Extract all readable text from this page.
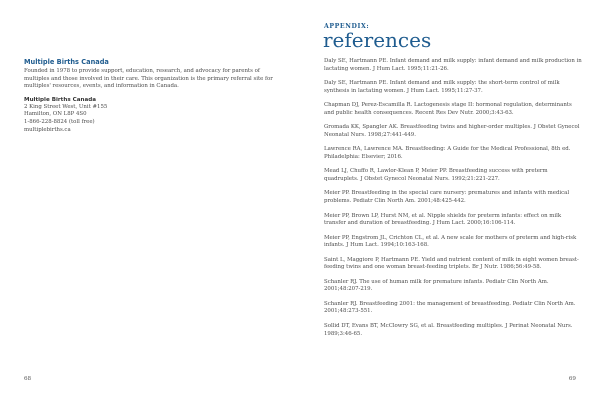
Multiple Births Canada

Founded in 1978 to provide support, education, research, and advocacy for parents of multiples and those involved in their care. This organization is the primary referral site for multiples' resources, events, and information in Canada.

Multiple Births Canada

2 King Street West, Unit #155

Hamilton, ON L8P 4S0

1-866-228-8824 (toll free)

multiplebirths.ca

68
APPENDIX:
references
Daly SE, Hartmann PE. Infant demand and milk supply: infant demand and milk production in lactating women. J Hum Lact. 1995;11:21-26.
Daly SE, Hartmann PE. Infant demand and milk supply: the short-term control of milk synthesis in lactating women. J Hum Lact. 1995;11:27-37.
Chapman DJ, Perez-Escamilla R. Lactogenesis stage II: hormonal regulation, determinants and public health consequences. Recent Res Dev Nutr. 2000;3:43-63.
Gromada KK, Spangler AK. Breastfeeding twins and higher-order multiples. J Obstet Gynecol Neonatal Nurs. 1998;27:441-449.
Lawrence RA, Lawrence MA. Breastfeeding: A Guide for the Medical Professional, 8th ed. Philadelphia: Elsevier; 2016.
Mead LJ, Chuffo R, Lawlor-Klean P, Meier PP. Breastfeeding success with preterm quadruplets. J Obstet Gynecol Neonatal Nurs. 1992;21:221-227.
Meier PP. Breastfeeding in the special care nursery: prematures and infants with medical problems. Pediatr Clin North Am. 2001;48:425-442.
Meier PP, Brown LP, Hurst NM, et al. Nipple shields for preterm infants: effect on milk transfer and duration of breastfeeding. J Hum Lact. 2000;16:106-114.
Meier PP, Engstrom JL, Crichton CL, et al. A new scale for mothers of preterm and high-risk infants. J Hum Lact. 1994;10:163-168.
Saint L, Maggiore P, Hartmann PE. Yield and nutrient content of milk in eight women breast-feeding twins and one woman breast-feeding triplets. Br J Nutr. 1986;56:49-58.
Schanler RJ. The use of human milk for premature infants. Pediatr Clin North Am. 2001;48:207-219.
Schanler RJ. Breastfeeding 2001: the management of breastfeeding. Pediatr Clin North Am. 2001;48:273-551.
Sollid DT, Evans BT, McClowry SG, et al. Breastfeeding multiples. J Perinat Neonatal Nurs. 1989;3:46-65.
69
